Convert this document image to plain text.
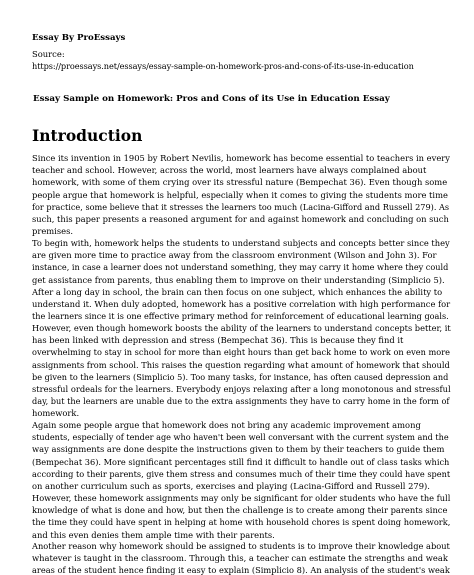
Essay By ProEssays
Source:
https://proessays.net/essays/essay-sample-on-homework-pros-and-cons-of-its-use-in-education
Essay Sample on Homework: Pros and Cons of its Use in Education Essay
Introduction
Since its invention in 1905 by Robert Nevilis, homework has become essential to teachers in every
teacher and school. However, across the world, most learners have always complained about
homework, with some of them crying over its stressful nature (Bempechat 36). Even though some
people argue that homework is helpful, especially when it comes to giving the students more time
for practice, some believe that it stresses the learners too much (Lacina-Gifford and Russell 279). As
such, this paper presents a reasoned argument for and against homework and concluding on such
premises.
To begin with, homework helps the students to understand subjects and concepts better since they
are given more time to practice away from the classroom environment (Wilson and John 3). For
instance, in case a learner does not understand something, they may carry it home where they could
get assistance from parents, thus enabling them to improve on their understanding (Simplicio 5).
After a long day in school, the brain can then focus on one subject, which enhances the ability to
understand it. When duly adopted, homework has a positive correlation with high performance for
the learners since it is one effective primary method for reinforcement of educational learning goals.
However, even though homework boosts the ability of the learners to understand concepts better, it
has been linked with depression and stress (Bempechat 36). This is because they find it
overwhelming to stay in school for more than eight hours than get back home to work on even more
assignments from school. This raises the question regarding what amount of homework that should
be given to the learners (Simplicio 5). Too many tasks, for instance, has often caused depression and
stressful ordeals for the learners. Everybody enjoys relaxing after a long monotonous and stressful
day, but the learners are unable due to the extra assignments they have to carry home in the form of
homework.
Again some people argue that homework does not bring any academic improvement among
students, especially of tender age who haven't been well conversant with the current system and the
way assignments are done despite the instructions given to them by their teachers to guide them
(Bempechat 36). More significant percentages still find it difficult to handle out of class tasks which
according to their parents, give them stress and consumes much of their time they could have spent
on another curriculum such as sports, exercises and playing (Lacina-Gifford and Russell 279).
However, these homework assignments may only be significant for older students who have the full
knowledge of what is done and how, but then the challenge is to create among their parents since
the time they could have spent in helping at home with household chores is spent doing homework,
and this even denies them ample time with their parents.
Another reason why homework should be assigned to students is to improve their knowledge about
whatever is taught in the classroom. Through this, a teacher can estimate the strengths and weak
areas of the student hence finding it easy to explain (Simplicio 8). An analysis of the student's weak
